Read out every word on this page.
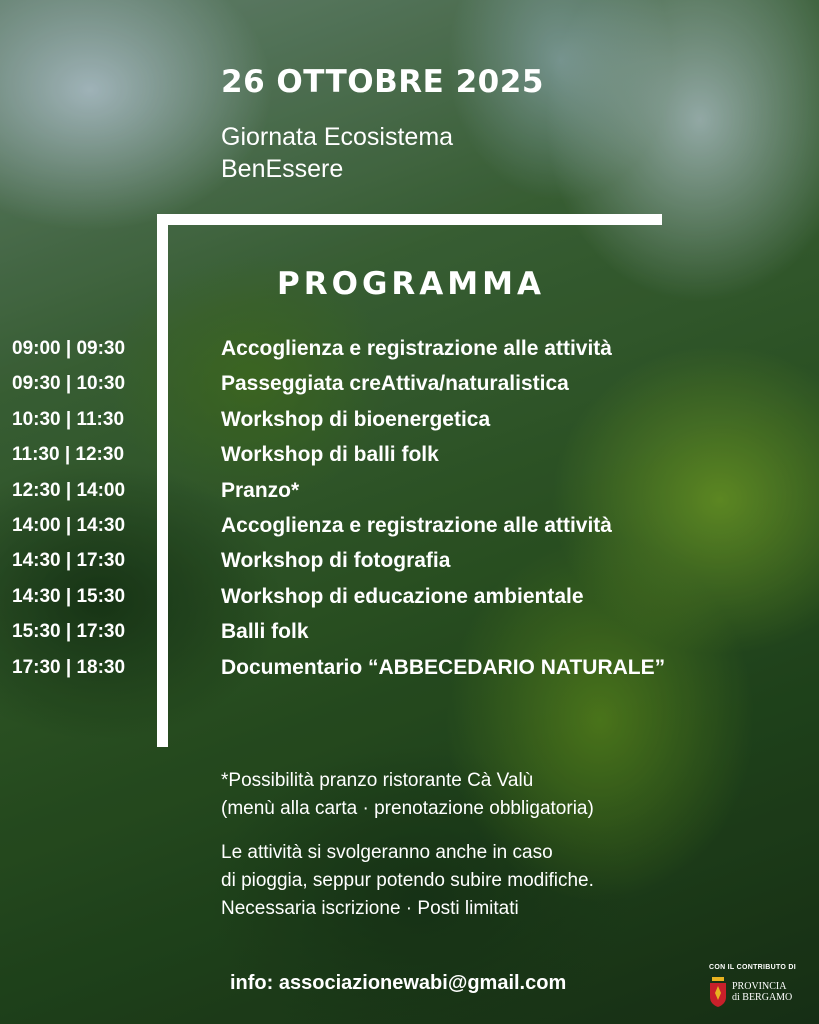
26 OTTOBRE 2025
Giornata Ecosistema
BenEssere
PROGRAMMA
09:00 | 09:30	Accoglienza e registrazione alle attività
09:30 | 10:30	Passeggiata creAttiva/naturalistica
10:30 | 11:30	Workshop di bioenergetica
11:30 | 12:30	Workshop di balli folk
12:30 | 14:00	Pranzo*
14:00 | 14:30	Accoglienza e registrazione alle attività
14:30 | 17:30	Workshop di fotografia
14:30 | 15:30	Workshop di educazione ambientale
15:30 | 17:30	Balli folk
17:30 | 18:30	Documentario “ABBECEDARIO NATURALE”
*Possibilità pranzo ristorante Cà Valù
(menù alla carta · prenotazione obbligatoria)
Le attività si svolgeranno anche in caso
di pioggia, seppur potendo subire modifiche.
Necessaria iscrizione · Posti limitati
info: associazionewabi@gmail.com
CON IL CONTRIBUTO DI
PROVINCIA
di BERGAMO
